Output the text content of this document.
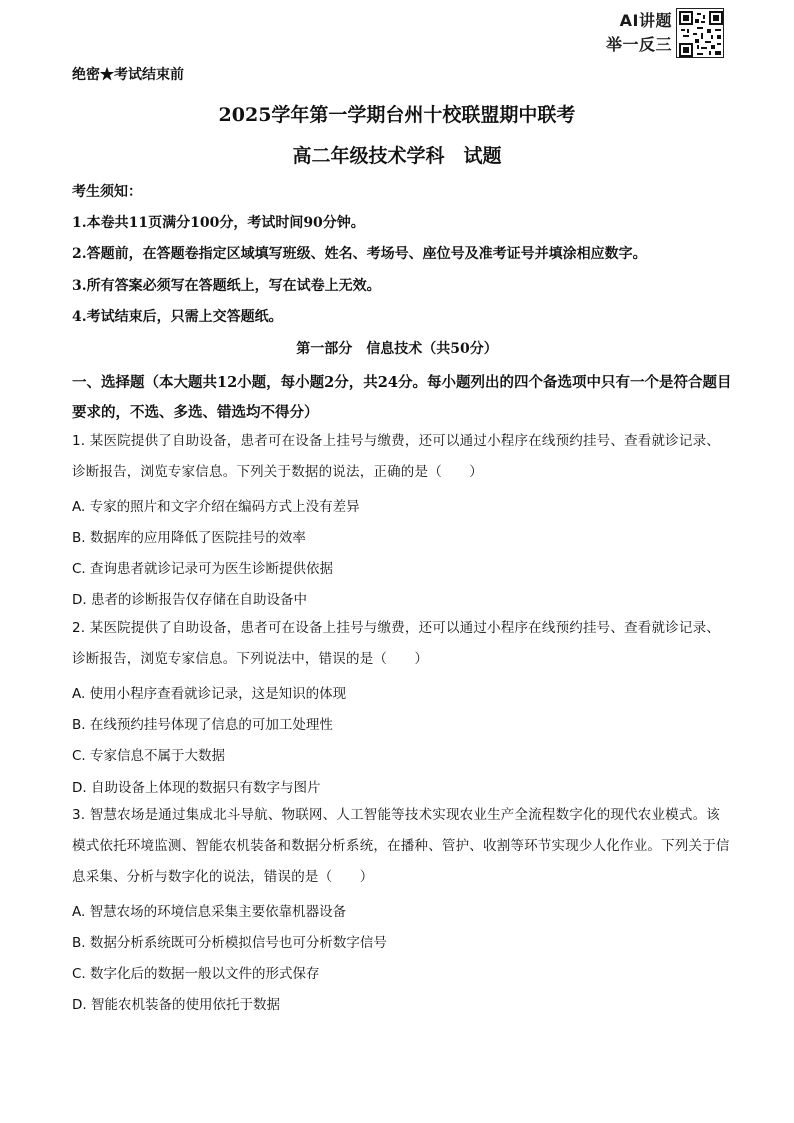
AI讲题
举一反三
绝密★考试结束前
2025学年第一学期台州十校联盟期中联考
高二年级技术学科　试题
考生须知：
1.本卷共11页满分100分，考试时间90分钟。
2.答题前，在答题卷指定区域填写班级、姓名、考场号、座位号及准考证号并填涂相应数字。
3.所有答案必须写在答题纸上，写在试卷上无效。
4.考试结束后，只需上交答题纸。
第一部分　信息技术（共50分）
一、选择题（本大题共12小题，每小题2分，共24分。每小题列出的四个备选项中只有一个是符合题目要求的，不选、多选、错选均不得分）
1. 某医院提供了自助设备，患者可在设备上挂号与缴费，还可以通过小程序在线预约挂号、查看就诊记录、诊断报告，浏览专家信息。下列关于数据的说法，正确的是（　　）
A. 专家的照片和文字介绍在编码方式上没有差异
B. 数据库的应用降低了医院挂号的效率
C. 查询患者就诊记录可为医生诊断提供依据
D. 患者的诊断报告仅存储在自助设备中
2. 某医院提供了自助设备，患者可在设备上挂号与缴费，还可以通过小程序在线预约挂号、查看就诊记录、诊断报告，浏览专家信息。下列说法中，错误的是（　　）
A. 使用小程序查看就诊记录，这是知识的体现
B. 在线预约挂号体现了信息的可加工处理性
C. 专家信息不属于大数据
D. 自助设备上体现的数据只有数字与图片
3. 智慧农场是通过集成北斗导航、物联网、人工智能等技术实现农业生产全流程数字化的现代农业模式。该模式依托环境监测、智能农机装备和数据分析系统，在播种、管护、收割等环节实现少人化作业。下列关于信息采集、分析与数字化的说法，错误的是（　　）
A. 智慧农场的环境信息采集主要依靠机器设备
B. 数据分析系统既可分析模拟信号也可分析数字信号
C. 数字化后的数据一般以文件的形式保存
D. 智能农机装备的使用依托于数据
